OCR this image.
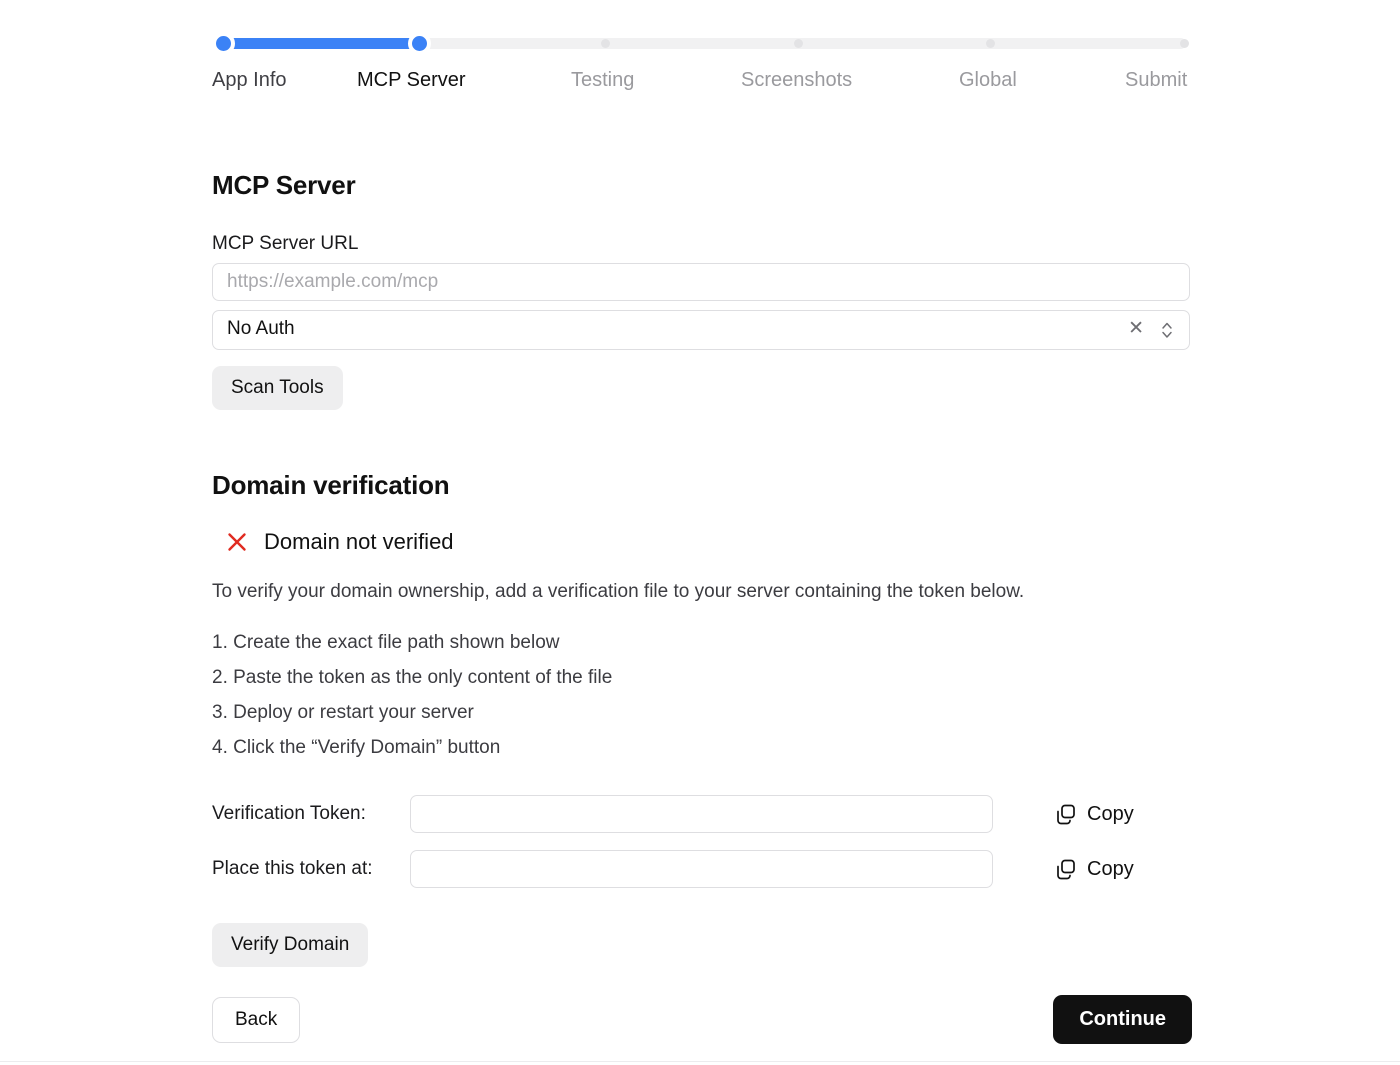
App Info	MCP Server	Testing	Screenshots	Global	Submit
MCP Server
MCP Server URL
https://example.com/mcp
No Auth	✕
Scan Tools
Domain verification
Domain not verified
To verify your domain ownership, add a verification file to your server containing the token below.
1. Create the exact file path shown below
2. Paste the token as the only content of the file
3. Deploy or restart your server
4. Click the “Verify Domain” button
Verification Token:	Copy
Place this token at:	Copy
Verify Domain
Back	Continue
